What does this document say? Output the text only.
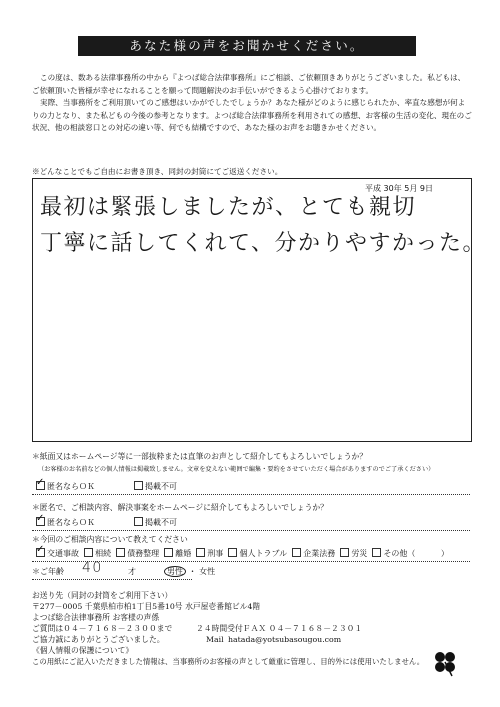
あなた様の声をお聞かせください。

この度は、数ある法律事務所の中から『よつば総合法律事務所』にご相談、ご依頼頂きありがとうございました。私どもは、ご依頼頂いた皆様が幸せになれることを願って問題解決のお手伝いができるよう心掛けております。

実際、当事務所をご利用頂いてのご感想はいかがでしたでしょうか？あなた様がどのように感じられたか、率直な感想が何よりの力となり、また私どもの今後の参考となります。よつば総合法律事務所を利用されての感想、お客様の生活の変化、現在のご状況、他の相談窓口との対応の違い等、何でも結構ですので、あなた様のお声をお聴きかせください。

※どんなことでもご自由にお書き頂き、同封の封筒にてご返送ください。
平成 30年 5月 9日
最初は緊張しましたが、とても親切
丁寧に話してくれて、分かりやすかった。
＊紙面又はホームページ等に一部抜粋または直筆のお声として紹介してもよろしいでしょうか？
（お客様のお名前などの個人情報は掲載致しません。文章を変えない範囲で編集・要約をさせていただく場合がありますのでご了承ください）
✓匿名ならＯＫ	掲載不可
＊匿名で、ご相談内容、解決事案をホームページに紹介してもよろしいでしょうか？
✓匿名ならＯＫ	掲載不可
＊今回のご相談内容について教えてください
✓交通事故 相続 債務整理 離婚 刑事 個人トラブル 企業法務 労災 その他（	）
＊ご年齢 40	才	男性 ・ 女性
お送り先（同封の封筒をご利用下さい）
〒277－0005 千葉県柏市柏1丁目5番10号 水戸屋壱番館ビル4階
よつば総合法律事務所 お客様の声係
ご質問は０４－７１６８－２３００まで	２４時間受付ＦＡＸ ０４－７１６８－２３０１
ご協力誠にありがとうございました。	Mail hatada@yotsubasougou.com
《個人情報の保護について》
この用紙にご記入いただきました情報は、当事務所のお客様の声として厳重に管理し、目的外には使用いたしません。
